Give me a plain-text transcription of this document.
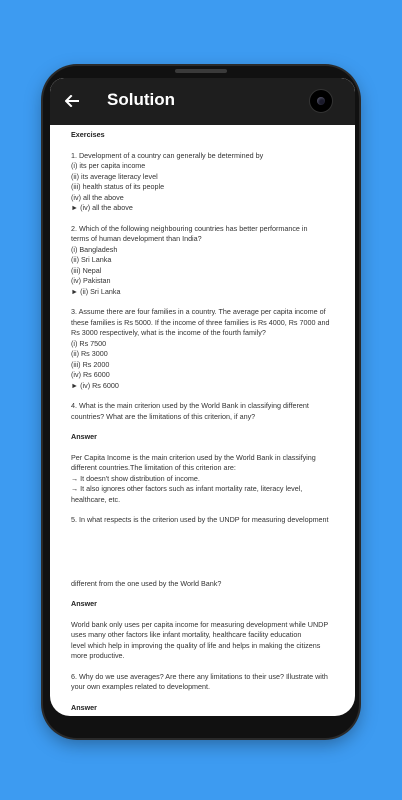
Solution

Exercises

1. Development of a country can generally be determined by

(i) its per capita income

(ii) its average literacy level

(iii) health status of its people

(iv) all the above

► (iv) all the above

2. Which of the following neighbouring countries has better performance in

terms of human development than India?

(i) Bangladesh

(ii) Sri Lanka

(iii) Nepal

(iv) Pakistan

► (ii) Sri Lanka

3. Assume there are four families in a country. The average per capita income of

these families is Rs 5000. If the income of three families is Rs 4000, Rs 7000 and

Rs 3000 respectively, what is the income of the fourth family?

(i) Rs 7500

(ii) Rs 3000

(iii) Rs 2000

(iv) Rs 6000

► (iv) Rs 6000

4. What is the main criterion used by the World Bank in classifying different

countries? What are the limitations of this criterion, if any?

Answer

Per Capita Income is the main criterion used by the World Bank in classifying

different countries.The limitation of this criterion are:

→ It doesn't show distribution of income.

→ It also ignores other factors such as infant mortality rate, literacy level,

healthcare, etc.

5. In what respects is the criterion used by the UNDP for measuring development

different from the one used by the World Bank?

Answer

World bank only uses per capita income for measuring development while UNDP

uses many other factors like infant mortality, healthcare facility education

level which help in improving the quality of life and helps in making the citizens

more productive.

6. Why do we use averages? Are there any limitations to their use? Illustrate with

your own examples related to development.

Answer
